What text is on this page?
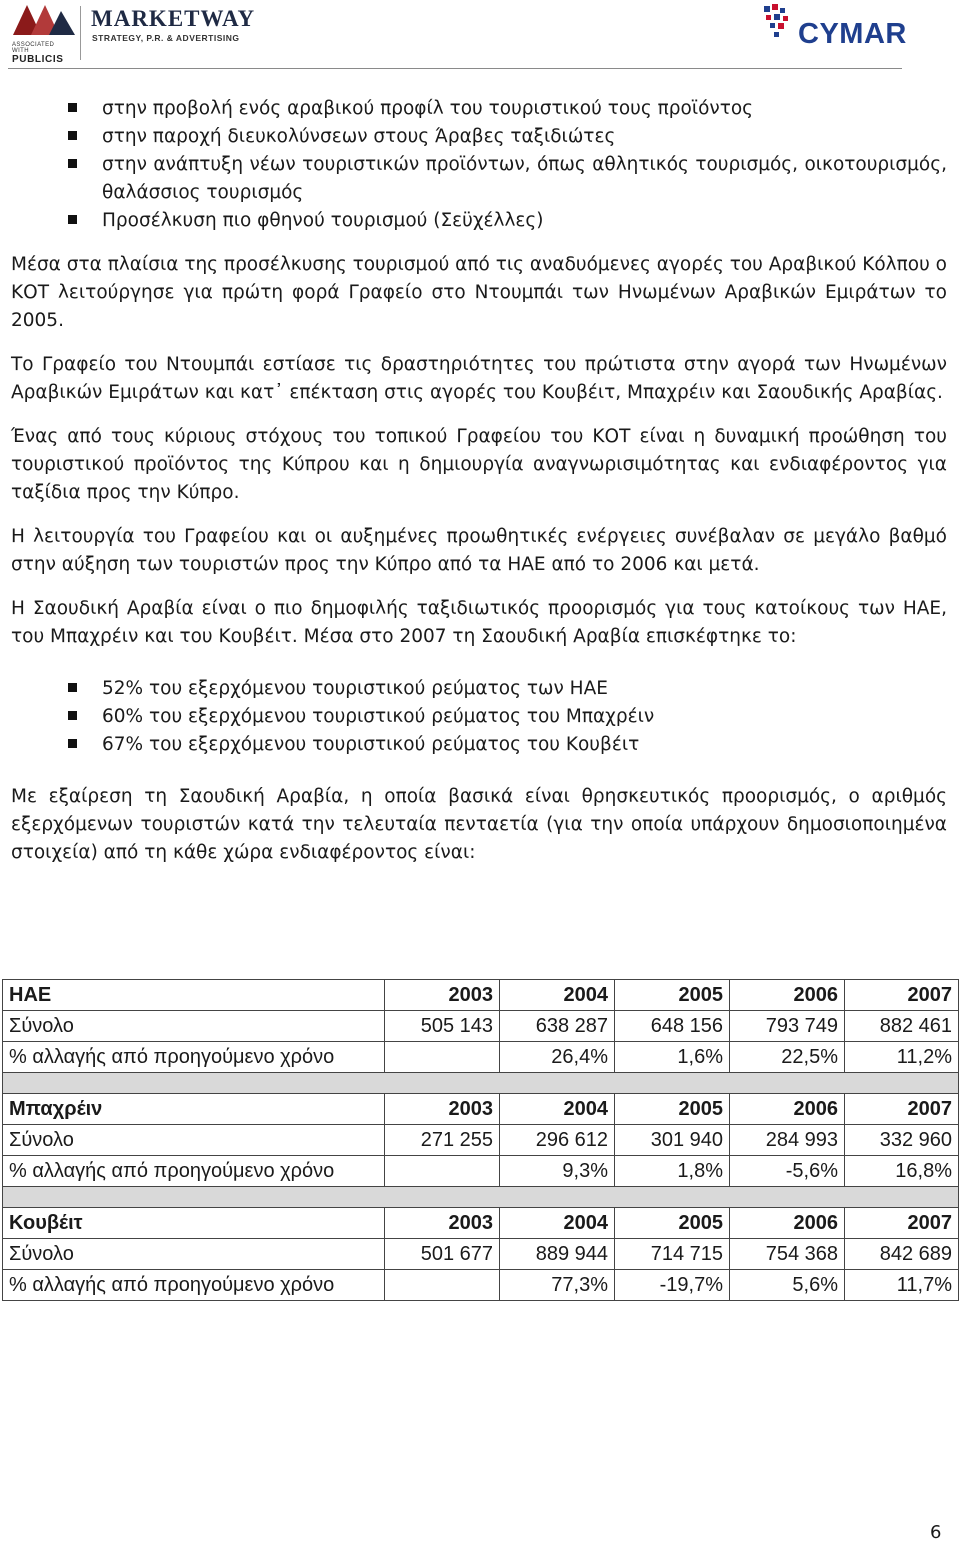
ASSOCIATED WITH
PUBLICIS
MARKETWAY
STRATEGY, P.R. & ADVERTISING	CYMAR
στην προβολή ενός αραβικού προφίλ του τουριστικού τους προϊόντος
στην παροχή διευκολύνσεων στους Άραβες ταξιδιώτες
στην ανάπτυξη νέων τουριστικών προϊόντων, όπως αθλητικός τουρισμός, οικοτουρισμός, θαλάσσιος τουρισμός
Προσέλκυση πιο φθηνού τουρισμού (Σεϋχέλλες)

Μέσα στα πλαίσια της προσέλκυσης τουρισμού από τις αναδυόμενες αγορές του Αραβικού Κόλπου ο ΚΟΤ λειτούργησε για πρώτη φορά Γραφείο στο Ντουμπάι των Ηνωμένων Αραβικών Εμιράτων το 2005.

Το Γραφείο του Ντουμπάι εστίασε τις δραστηριότητες του πρώτιστα στην αγορά των Ηνωμένων Αραβικών Εμιράτων και κατ᾽ επέκταση στις αγορές του Κουβέιτ, Μπαχρέιν και Σαουδικής Αραβίας.

Ένας από τους κύριους στόχους του τοπικού Γραφείου του ΚΟΤ είναι η δυναμική προώθηση του τουριστικού προϊόντος της Κύπρου και η δημιουργία αναγνωρισιμότητας και ενδιαφέροντος για ταξίδια προς την Κύπρο.

Η λειτουργία του Γραφείου και οι αυξημένες προωθητικές ενέργειες συνέβαλαν σε μεγάλο βαθμό στην αύξηση των τουριστών προς την Κύπρο από τα ΗΑΕ από το 2006 και μετά.

Η Σαουδική Αραβία είναι ο πιο δημοφιλής ταξιδιωτικός προορισμός για τους κατοίκους των ΗΑΕ, του Μπαχρέιν και του Κουβέιτ. Μέσα στο 2007 τη Σαουδική Αραβία επισκέφτηκε το:

52% του εξερχόμενου τουριστικού ρεύματος των ΗΑΕ
60% του εξερχόμενου τουριστικού ρεύματος του Μπαχρέιν
67% του εξερχόμενου τουριστικού ρεύματος του Κουβέιτ

Με εξαίρεση τη Σαουδική Αραβία, η οποία βασικά είναι θρησκευτικός προορισμός, ο αριθμός εξερχόμενων τουριστών κατά την τελευταία πενταετία (για την οποία υπάρχουν δημοσιοποιημένα στοιχεία) από τη κάθε χώρα ενδιαφέροντος είναι:

ΗΑΕ	2003	2004	2005	2006	2007
Σύνολο	505 143	638 287	648 156	793 749	882 461
% αλλαγής από προηγούμενο χρόνο		26,4%	1,6%	22,5%	11,2%

Μπαχρέιν	2003	2004	2005	2006	2007
Σύνολο	271 255	296 612	301 940	284 993	332 960
% αλλαγής από προηγούμενο χρόνο		9,3%	1,8%	-5,6%	16,8%

Κουβέιτ	2003	2004	2005	2006	2007
Σύνολο	501 677	889 944	714 715	754 368	842 689
% αλλαγής από προηγούμενο χρόνο		77,3%	-19,7%	5,6%	11,7%
6
